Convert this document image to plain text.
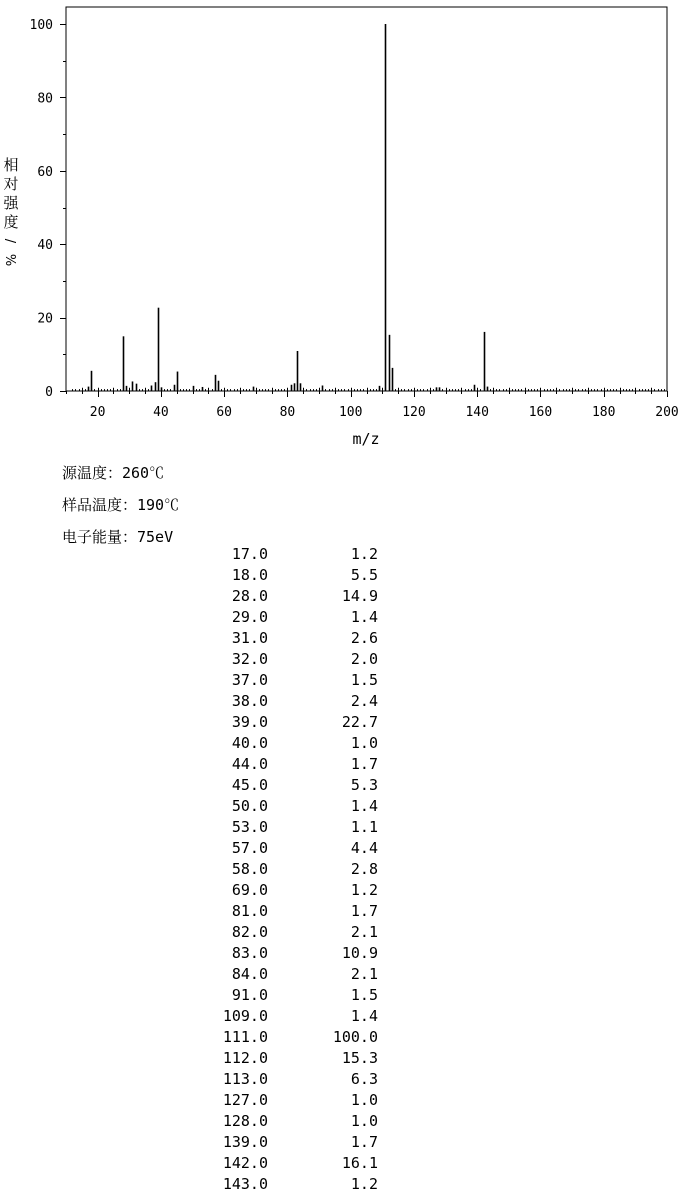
20	40	60	80	100	120	140	160	180	200
0
20
40
60
80
100
m/z
相
对
强
度
/
%
源温度：260℃
样品温度：190℃
电子能量：75eV
17.0	1.2
18.0	5.5
28.0	14.9
29.0	1.4
31.0	2.6
32.0	2.0
37.0	1.5
38.0	2.4
39.0	22.7
40.0	1.0
44.0	1.7
45.0	5.3
50.0	1.4
53.0	1.1
57.0	4.4
58.0	2.8
69.0	1.2
81.0	1.7
82.0	2.1
83.0	10.9
84.0	2.1
91.0	1.5
109.0	1.4
111.0	100.0
112.0	15.3
113.0	6.3
127.0	1.0
128.0	1.0
139.0	1.7
142.0	16.1
143.0	1.2
